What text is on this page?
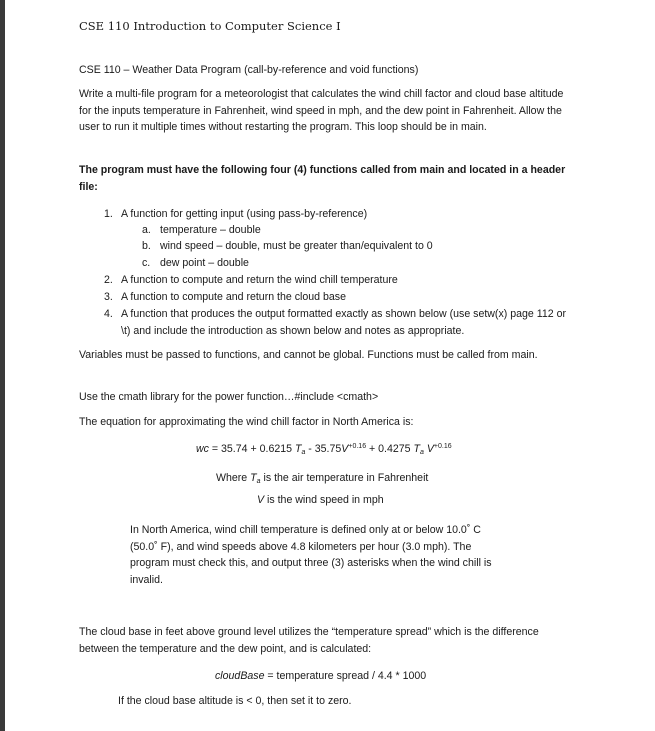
CSE 110 Introduction to Computer Science I
CSE 110 – Weather Data Program (call-by-reference and void functions)
Write a multi-file program for a meteorologist that calculates the wind chill factor and cloud base altitude for the inputs temperature in Fahrenheit, wind speed in mph, and the dew point in Fahrenheit. Allow the user to run it multiple times without restarting the program. This loop should be in main.
The program must have the following four (4) functions called from main and located in a header file:
1. A function for getting input (using pass-by-reference)
a. temperature – double
b. wind speed – double, must be greater than/equivalent to 0
c. dew point – double
2. A function to compute and return the wind chill temperature
3. A function to compute and return the cloud base
4. A function that produces the output formatted exactly as shown below (use setw(x) page 112 or \t) and include the introduction as shown below and notes as appropriate.
Variables must be passed to functions, and cannot be global. Functions must be called from main.
Use the cmath library for the power function…#include <cmath>
The equation for approximating the wind chill factor in North America is:
wc = 35.74 + 0.6215 $T_a - 35.75V^{+0.16} + 0.4275$ $T_a$ $V^{+0.16}$
Where $T_a$ is the air temperature in Fahrenheit
V is the wind speed in mph
In North America, wind chill temperature is defined only at or below 10.0˚ C (50.0˚ F), and wind speeds above 4.8 kilometers per hour (3.0 mph). The program must check this, and output three (3) asterisks when the wind chill is invalid.
The cloud base in feet above ground level utilizes the “temperature spread” which is the difference between the temperature and the dew point, and is calculated:
cloudBase = temperature spread / 4.4 * 1000
If the cloud base altitude is < 0, then set it to zero.
